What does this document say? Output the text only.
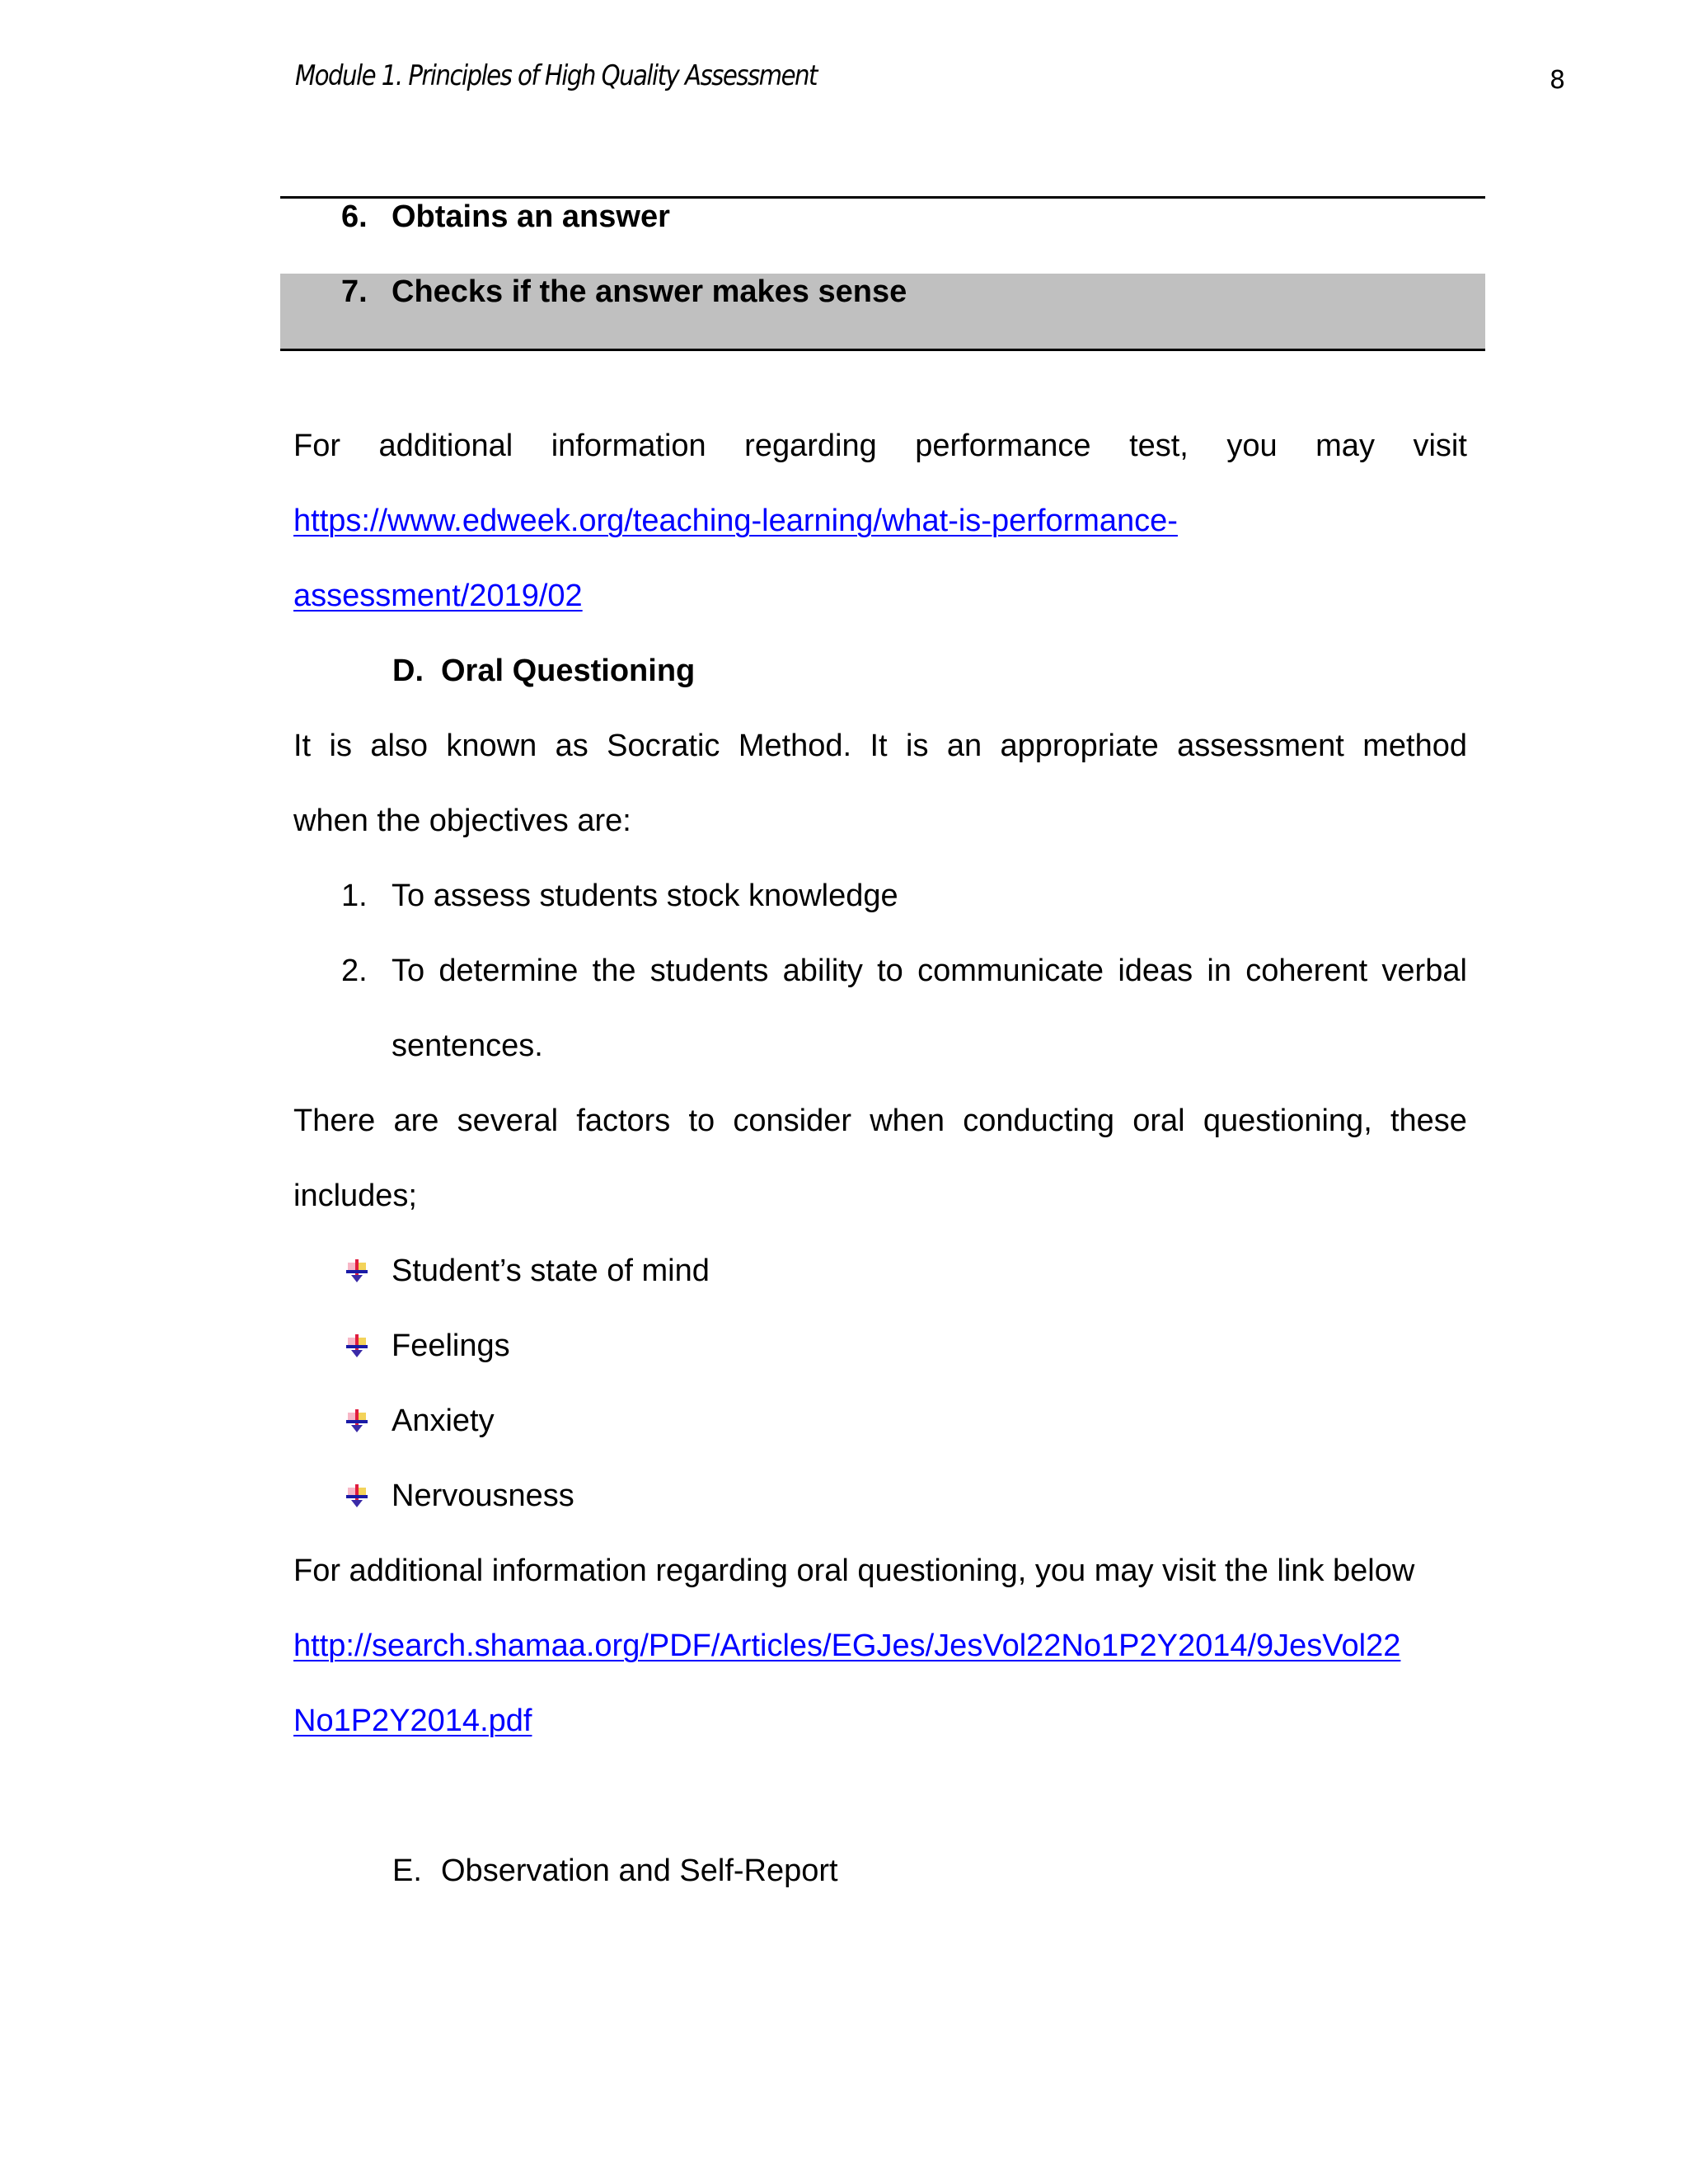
Module 1. Principles of High Quality Assessment	8
6. Obtains an answer
7. Checks if the answer makes sense
For additional information regarding performance test, you may visit
https://www.edweek.org/teaching-learning/what-is-performance-
assessment/2019/02
D. Oral Questioning
It is also known as Socratic Method. It is an appropriate assessment method
when the objectives are:
1. To assess students stock knowledge
2. To determine the students ability to communicate ideas in coherent verbal
sentences.
There are several factors to consider when conducting oral questioning, these
includes;
Student’s state of mind
Feelings
Anxiety
Nervousness
For additional information regarding oral questioning, you may visit the link below
http://search.shamaa.org/PDF/Articles/EGJes/JesVol22No1P2Y2014/9JesVol22
No1P2Y2014.pdf
E. Observation and Self-Report
